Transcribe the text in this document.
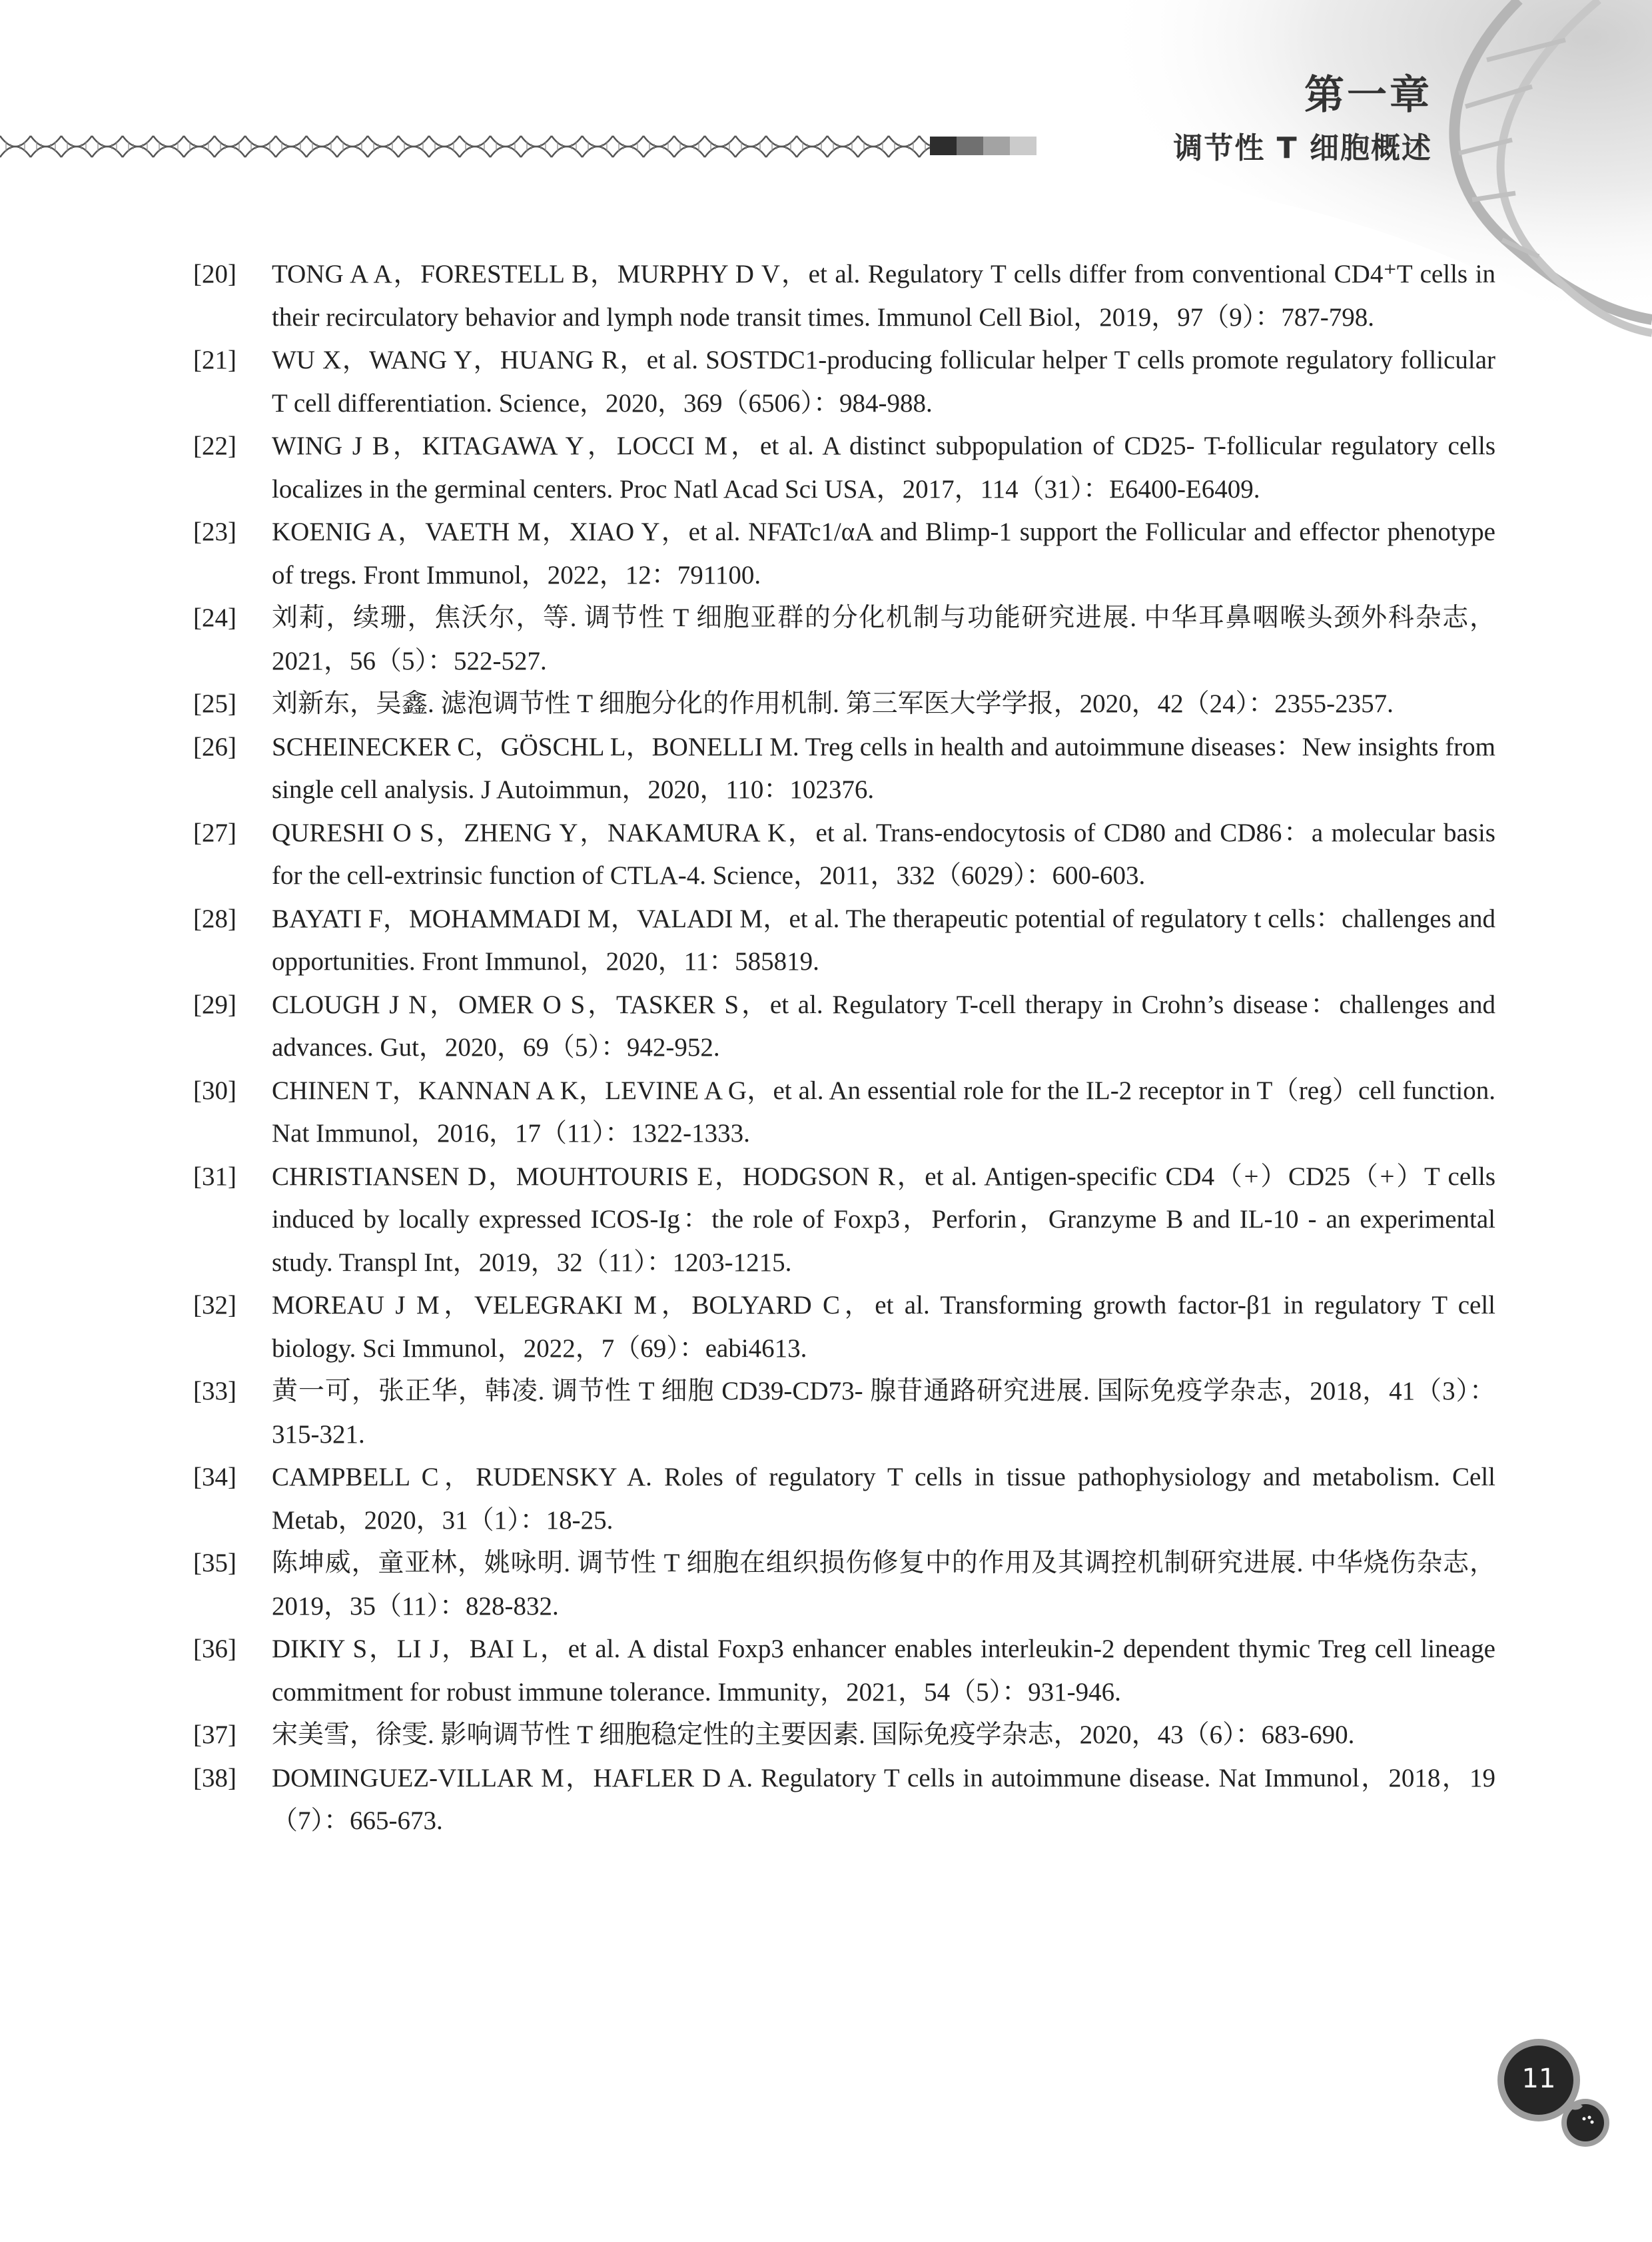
第一章
调节性 T 细胞概述
[20]	TONG A A，FORESTELL B，MURPHY D V，et al. Regulatory T cells differ from conventional CD4⁺T cells in their recirculatory behavior and lymph node transit times. Immunol Cell Biol，2019，97（9）：787-798.
[21]	WU X，WANG Y，HUANG R，et al. SOSTDC1-producing follicular helper T cells promote regulatory follicular T cell differentiation. Science，2020，369（6506）：984-988.
[22]	WING J B，KITAGAWA Y，LOCCI M，et al. A distinct subpopulation of CD25- T-follicular regulatory cells localizes in the germinal centers. Proc Natl Acad Sci USA，2017，114（31）：E6400-E6409.
[23]	KOENIG A，VAETH M，XIAO Y，et al. NFATc1/αA and Blimp-1 support the Follicular and effector phenotype of tregs. Front Immunol，2022，12：791100.
[24]	刘莉，续珊，焦沃尔，等. 调节性 T 细胞亚群的分化机制与功能研究进展. 中华耳鼻咽喉头颈外科杂志，2021，56（5）：522-527.
[25]	刘新东，吴鑫. 滤泡调节性 T 细胞分化的作用机制. 第三军医大学学报，2020，42（24）：2355-2357.
[26]	SCHEINECKER C，GÖSCHL L，BONELLI M. Treg cells in health and autoimmune diseases：New insights from single cell analysis. J Autoimmun，2020，110：102376.
[27]	QURESHI O S，ZHENG Y，NAKAMURA K，et al. Trans-endocytosis of CD80 and CD86：a molecular basis for the cell-extrinsic function of CTLA-4. Science，2011，332（6029）：600-603.
[28]	BAYATI F，MOHAMMADI M，VALADI M，et al. The therapeutic potential of regulatory t cells：challenges and opportunities. Front Immunol，2020，11：585819.
[29]	CLOUGH J N，OMER O S，TASKER S，et al. Regulatory T-cell therapy in Crohn’s disease：challenges and advances. Gut，2020，69（5）：942-952.
[30]	CHINEN T，KANNAN A K，LEVINE A G，et al. An essential role for the IL-2 receptor in T（reg）cell function. Nat Immunol，2016，17（11）：1322-1333.
[31]	CHRISTIANSEN D，MOUHTOURIS E，HODGSON R，et al. Antigen-specific CD4（+）CD25（+）T cells induced by locally expressed ICOS-Ig：the role of Foxp3，Perforin，Granzyme B and IL-10 - an experimental study. Transpl Int，2019，32（11）：1203-1215.
[32]	MOREAU J M，VELEGRAKI M，BOLYARD C，et al. Transforming growth factor-β1 in regulatory T cell biology. Sci Immunol，2022，7（69）：eabi4613.
[33]	黄一可，张正华，韩凌. 调节性 T 细胞 CD39-CD73- 腺苷通路研究进展. 国际免疫学杂志，2018，41（3）：315-321.
[34]	CAMPBELL C，RUDENSKY A. Roles of regulatory T cells in tissue pathophysiology and metabolism. Cell Metab，2020，31（1）：18-25.
[35]	陈坤威，童亚林，姚咏明. 调节性 T 细胞在组织损伤修复中的作用及其调控机制研究进展. 中华烧伤杂志，2019，35（11）：828-832.
[36]	DIKIY S，LI J，BAI L，et al. A distal Foxp3 enhancer enables interleukin-2 dependent thymic Treg cell lineage commitment for robust immune tolerance. Immunity，2021，54（5）：931-946.
[37]	宋美雪，徐雯. 影响调节性 T 细胞稳定性的主要因素. 国际免疫学杂志，2020，43（6）：683-690.
[38]	DOMINGUEZ-VILLAR M，HAFLER D A. Regulatory T cells in autoimmune disease. Nat Immunol，2018，19（7）：665-673.
11
